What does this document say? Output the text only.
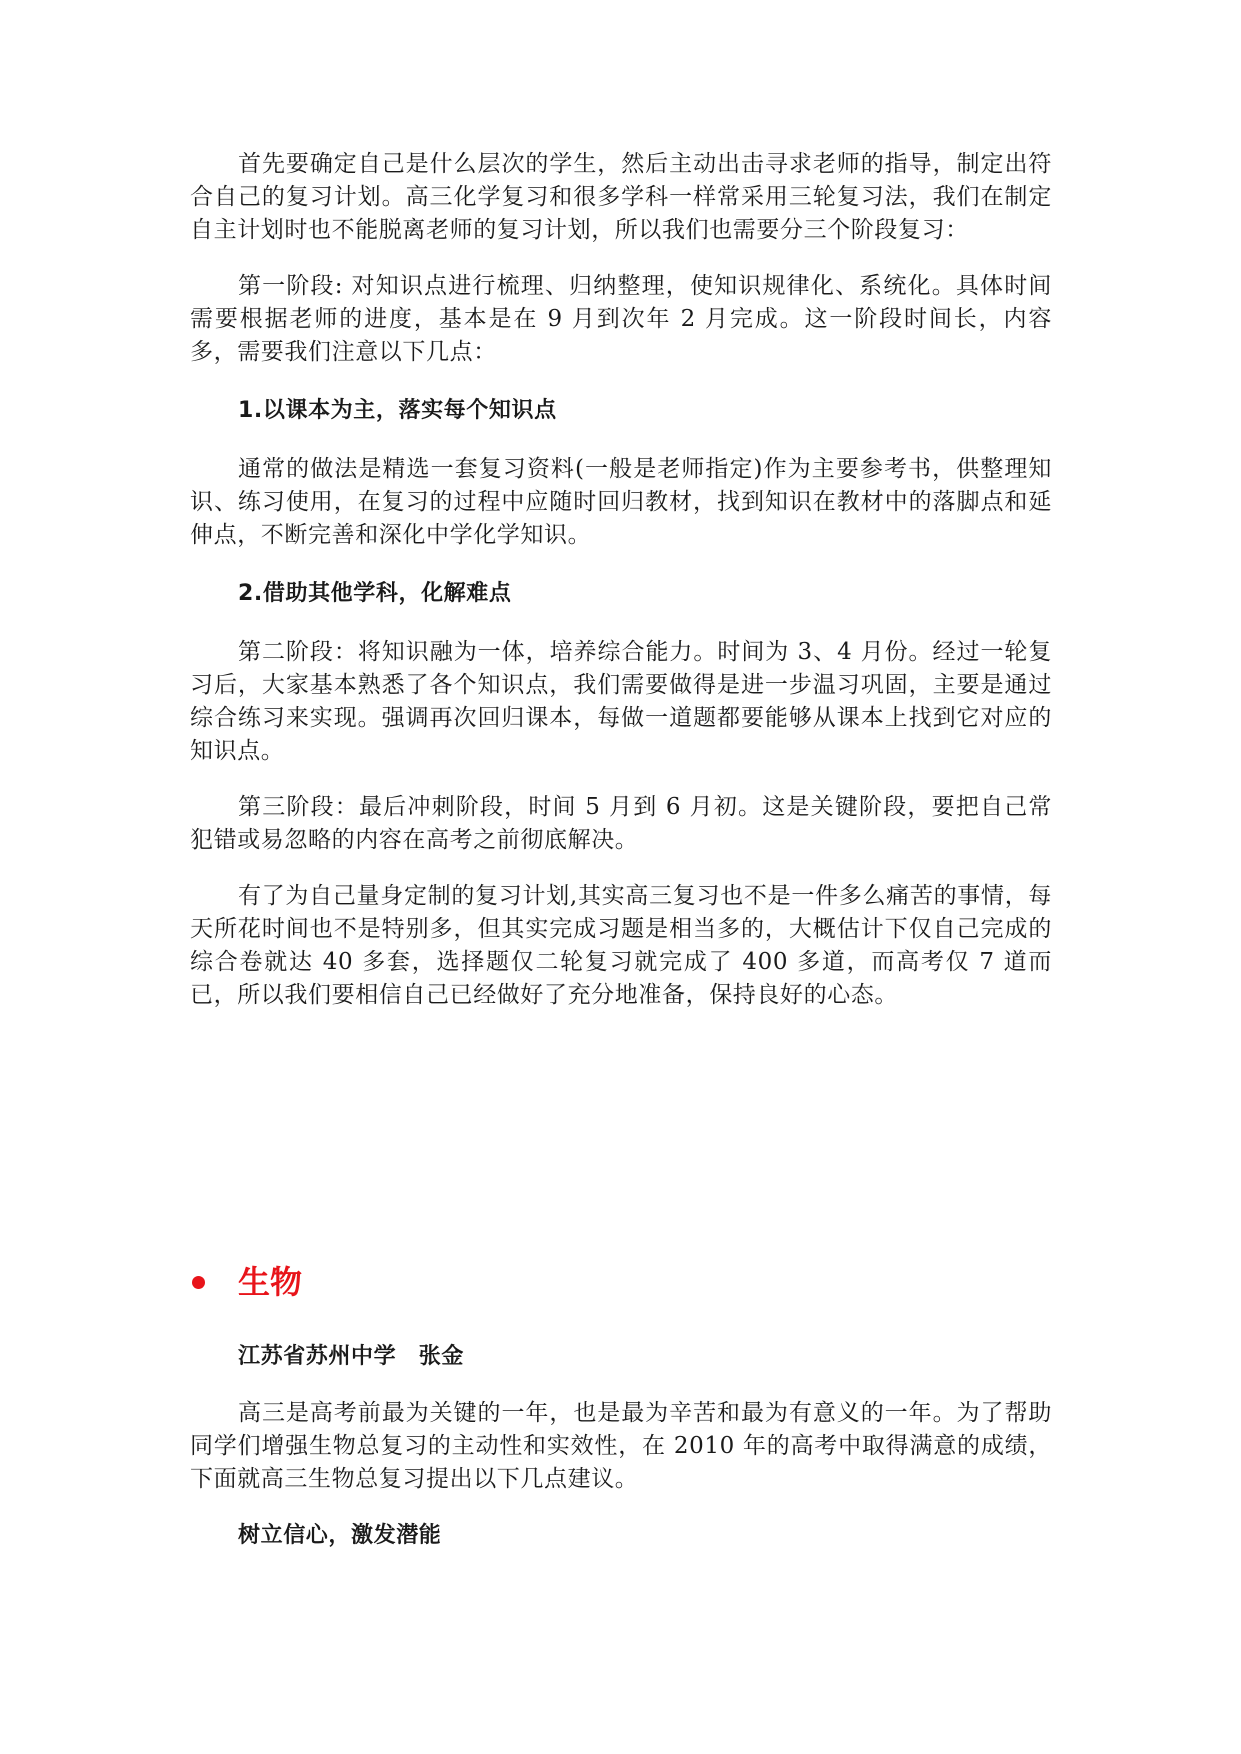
首先要确定自己是什么层次的学生，然后主动出击寻求老师的指导，制定出符合自己的复习计划。高三化学复习和很多学科一样常采用三轮复习法，我们在制定自主计划时也不能脱离老师的复习计划，所以我们也需要分三个阶段复习：

第一阶段: 对知识点进行梳理、归纳整理，使知识规律化、系统化。具体时间需要根据老师的进度，基本是在 9 月到次年 2 月完成。这一阶段时间长，内容多，需要我们注意以下几点：

1.以课本为主，落实每个知识点

通常的做法是精选一套复习资料(一般是老师指定)作为主要参考书，供整理知识、练习使用，在复习的过程中应随时回归教材，找到知识在教材中的落脚点和延伸点，不断完善和深化中学化学知识。

2.借助其他学科，化解难点

第二阶段：将知识融为一体，培养综合能力。时间为 3、4 月份。经过一轮复习后，大家基本熟悉了各个知识点，我们需要做得是进一步温习巩固，主要是通过综合练习来实现。强调再次回归课本，每做一道题都要能够从课本上找到它对应的知识点。

第三阶段：最后冲刺阶段，时间 5 月到 6 月初。这是关键阶段，要把自己常犯错或易忽略的内容在高考之前彻底解决。

有了为自己量身定制的复习计划,其实高三复习也不是一件多么痛苦的事情，每天所花时间也不是特别多，但其实完成习题是相当多的，大概估计下仅自己完成的综合卷就达 40 多套，选择题仅二轮复习就完成了 400 多道，而高考仅 7 道而已，所以我们要相信自己已经做好了充分地准备，保持良好的心态。

生物

江苏省苏州中学　张金

高三是高考前最为关键的一年，也是最为辛苦和最为有意义的一年。为了帮助同学们增强生物总复习的主动性和实效性，在 2010 年的高考中取得满意的成绩，下面就高三生物总复习提出以下几点建议。

树立信心，激发潜能
